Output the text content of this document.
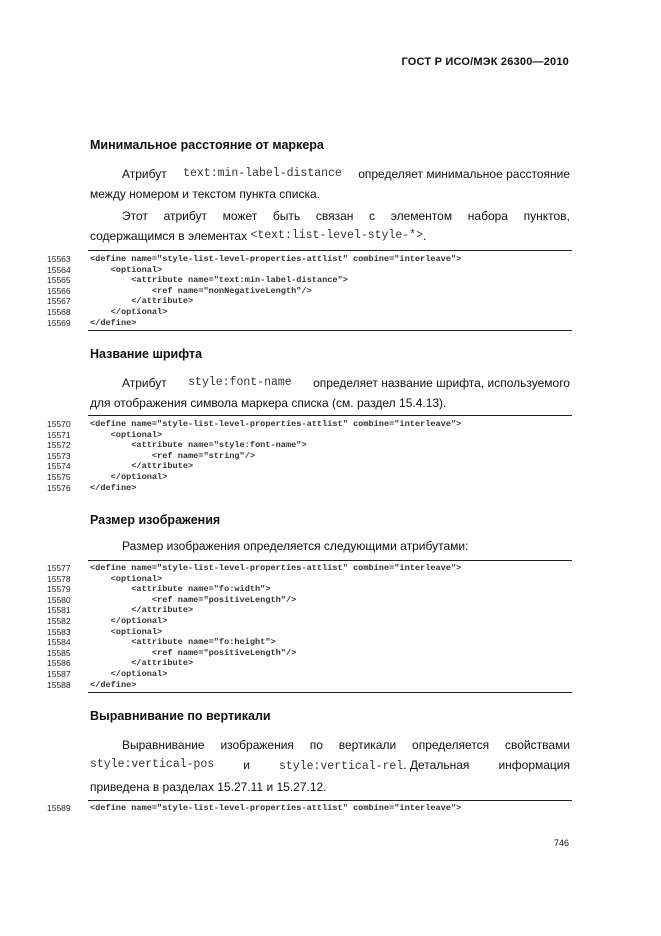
ГОСТ Р ИСО/МЭК 26300—2010
Минимальное расстояние от маркера
Атрибут text:min-label-distance определяет минимальное расстояние
между номером и текстом пункта списка.
Этот атрибут может быть связан с элементом набора пунктов,
содержащимся в элементах
<text:list-level-style-*> .
15563	<define name="style-list-level-properties-attlist" combine="interleave">
15564	<optional>
15565	<attribute name="text:min-label-distance">
15566	<ref name="nonNegativeLength"/>
15567	</attribute>
15568	</optional>
15569	</define>
Название шрифта
Атрибут style:font-name определяет название шрифта, используемого
для отображения символа маркера списка (см. раздел 15.4.13).
15570	<define name="style-list-level-properties-attlist" combine="interleave">
15571	<optional>
15572	<attribute name="style:font-name">
15573	<ref name="string"/>
15574	</attribute>
15575	</optional>
15576	</define>
Размер изображения
Размер изображения определяется следующими атрибутами:
15577	<define name="style-list-level-properties-attlist" combine="interleave">
15578	<optional>
15579	<attribute name="fo:width">
15580	<ref name="positiveLength"/>
15581	</attribute>
15582	</optional>
15583	<optional>
15584	<attribute name="fo:height">
15585	<ref name="positiveLength"/>
15586	</attribute>
15587	</optional>
15588	</define>
Выравнивание по вертикали
Выравнивание изображения по вертикали определяется свойствами
style:vertical-pos и	style:vertical-rel. Детальная информация
приведена в разделах 15.27.11 и 15.27.12.
15589	<define name="style-list-level-properties-attlist" combine="interleave">
746
